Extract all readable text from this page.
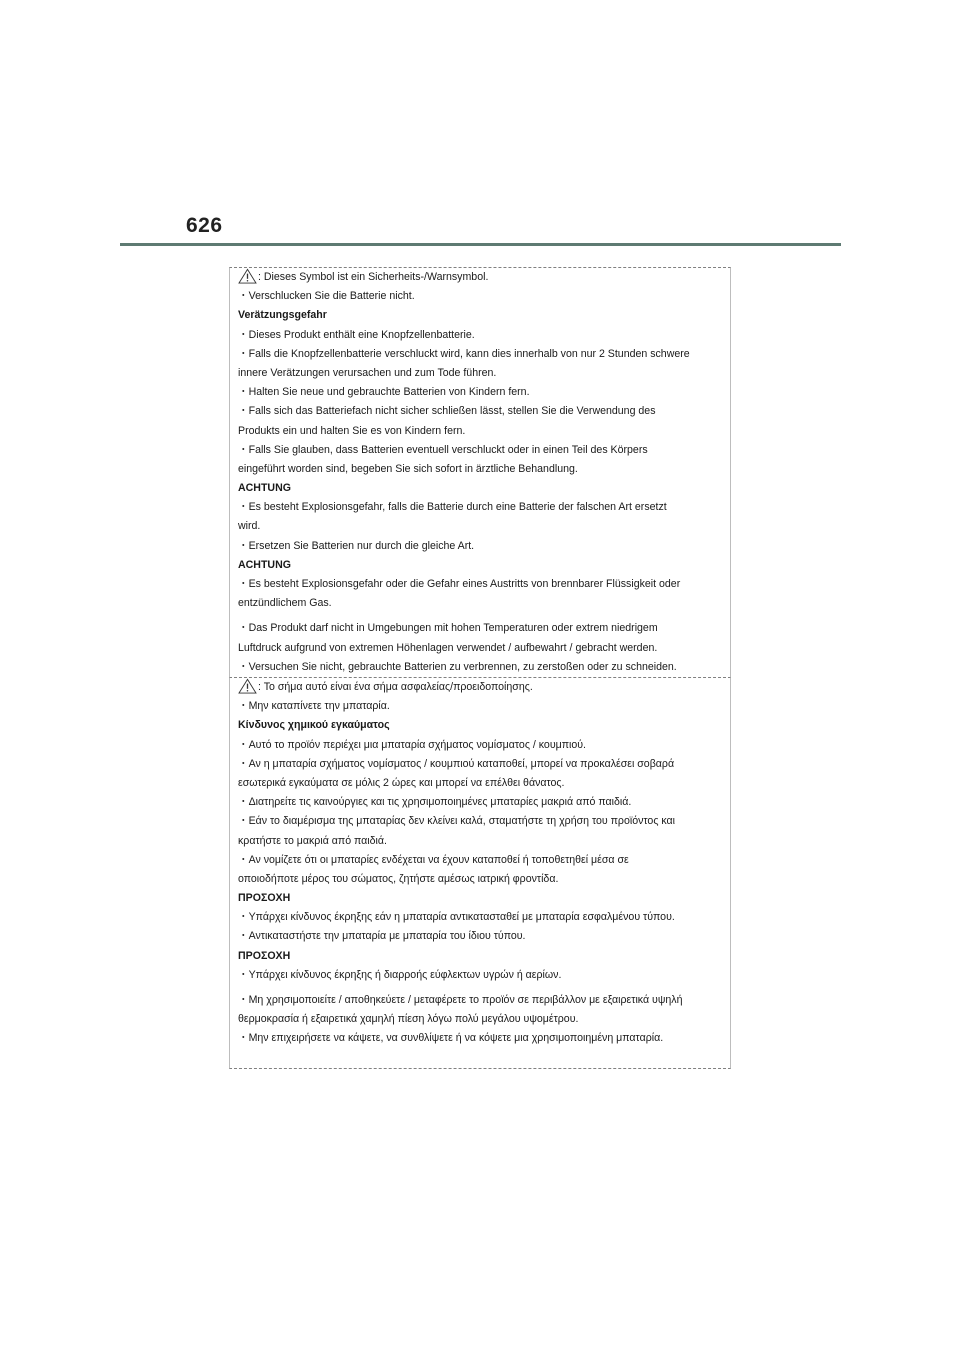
626
: Dieses Symbol ist ein Sicherheits-/Warnsymbol.
・Verschlucken Sie die Batterie nicht.
Verätzungsgefahr
・Dieses Produkt enthält eine Knopfzellenbatterie.
・Falls die Knopfzellenbatterie verschluckt wird, kann dies innerhalb von nur 2 Stunden schwere
innere Verätzungen verursachen und zum Tode führen.
・Halten Sie neue und gebrauchte Batterien von Kindern fern.
・Falls sich das Batteriefach nicht sicher schließen lässt, stellen Sie die Verwendung des
Produkts ein und halten Sie es von Kindern fern.
・Falls Sie glauben, dass Batterien eventuell verschluckt oder in einen Teil des Körpers
eingeführt worden sind, begeben Sie sich sofort in ärztliche Behandlung.
ACHTUNG
・Es besteht Explosionsgefahr, falls die Batterie durch eine Batterie der falschen Art ersetzt
wird.
・Ersetzen Sie Batterien nur durch die gleiche Art.
ACHTUNG
・Es besteht Explosionsgefahr oder die Gefahr eines Austritts von brennbarer Flüssigkeit oder
entzündlichem Gas.
・Das Produkt darf nicht in Umgebungen mit hohen Temperaturen oder extrem niedrigem
Luftdruck aufgrund von extremen Höhenlagen verwendet / aufbewahrt / gebracht werden.
・Versuchen Sie nicht, gebrauchte Batterien zu verbrennen, zu zerstoßen oder zu schneiden.
: Το σήμα αυτό είναι ένα σήμα ασφαλείας/προειδοποίησης.
・Μην καταπίνετε την μπαταρία.
Κίνδυνος χημικού εγκαύματος
・Αυτό το προϊόν περιέχει μια μπαταρία σχήματος νομίσματος / κουμπιού.
・Αν η μπαταρία σχήματος νομίσματος / κουμπιού καταποθεί, μπορεί να προκαλέσει σοβαρά
εσωτερικά εγκαύματα σε μόλις 2 ώρες και μπορεί να επέλθει θάνατος.
・Διατηρείτε τις καινούργιες και τις χρησιμοποιημένες μπαταρίες μακριά από παιδιά.
・Εάν το διαμέρισμα της μπαταρίας δεν κλείνει καλά, σταματήστε τη χρήση του προϊόντος και
κρατήστε το μακριά από παιδιά.
・Αν νομίζετε ότι οι μπαταρίες ενδέχεται να έχουν καταποθεί ή τοποθετηθεί μέσα σε
οποιοδήποτε μέρος του σώματος, ζητήστε αμέσως ιατρική φροντίδα.
ΠΡΟΣΟΧΗ
・Υπάρχει κίνδυνος έκρηξης εάν η μπαταρία αντικατασταθεί με μπαταρία εσφαλμένου τύπου.
・Αντικαταστήστε την μπαταρία με μπαταρία του ίδιου τύπου.
ΠΡΟΣΟΧΗ
・Υπάρχει κίνδυνος έκρηξης ή διαρροής εύφλεκτων υγρών ή αερίων.
・Μη χρησιμοποιείτε / αποθηκεύετε / μεταφέρετε το προϊόν σε περιβάλλον με εξαιρετικά υψηλή
θερμοκρασία ή εξαιρετικά χαμηλή πίεση λόγω πολύ μεγάλου υψομέτρου.
・Μην επιχειρήσετε να κάψετε, να συνθλίψετε ή να κόψετε μια χρησιμοποιημένη μπαταρία.
